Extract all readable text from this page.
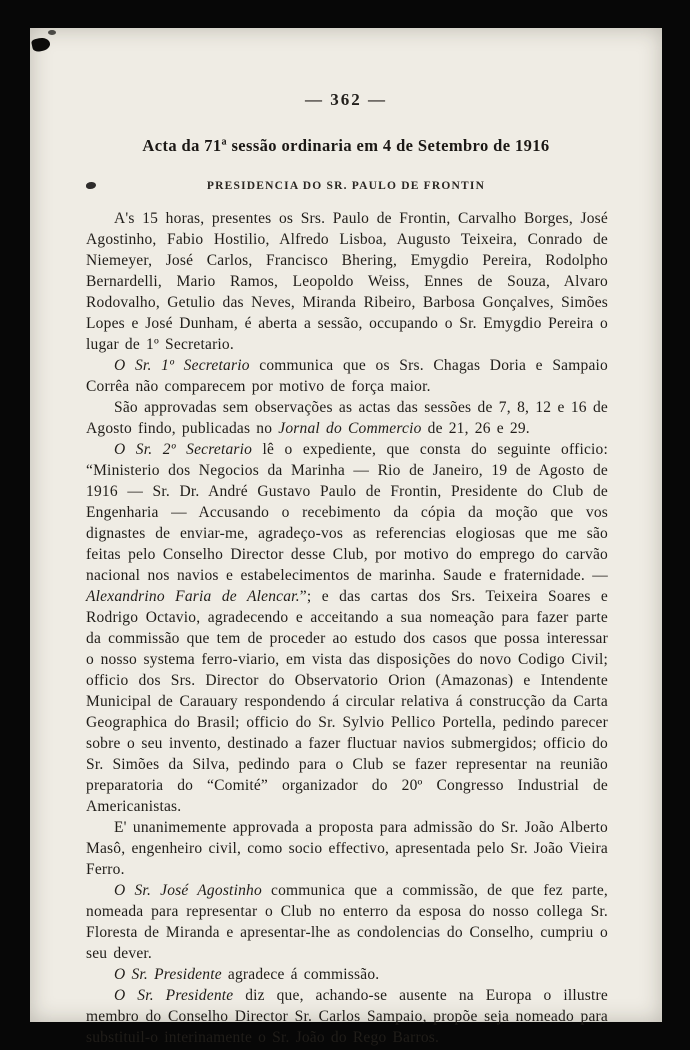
— 362 —
Acta da 71ª sessão ordinaria em 4 de Setembro de 1916
PRESIDENCIA DO SR. PAULO DE FRONTIN

A's 15 horas, presentes os Srs. Paulo de Frontin, Carvalho Borges, José Agostinho, Fabio Hostilio, Alfredo Lisboa, Augusto Teixeira, Conrado de Niemeyer, José Carlos, Francisco Bhering, Emygdio Pereira, Rodolpho Bernardelli, Mario Ramos, Leopoldo Weiss, Ennes de Souza, Alvaro Rodovalho, Getulio das Neves, Miranda Ribeiro, Barbosa Gonçalves, Simões Lopes e José Dunham, é aberta a sessão, occupando o Sr. Emygdio Pereira o lugar de 1º Secretario.

O Sr. 1º Secretario communica que os Srs. Chagas Doria e Sampaio Corrêa não comparecem por motivo de força maior.

São approvadas sem observações as actas das sessões de 7, 8, 12 e 16 de Agosto findo, publicadas no Jornal do Commercio de 21, 26 e 29.

O Sr. 2º Secretario lê o expediente, que consta do seguinte officio: “Ministerio dos Negocios da Marinha — Rio de Janeiro, 19 de Agosto de 1916 — Sr. Dr. André Gustavo Paulo de Frontin, Presidente do Club de Engenharia — Accusando o recebimento da cópia da moção que vos dignastes de enviar-me, agradeço-vos as referencias elogiosas que me são feitas pelo Conselho Director desse Club, por motivo do emprego do carvão nacional nos navios e estabelecimentos de marinha. Saude e fraternidade. — Alexandrino Faria de Alencar.”; e das cartas dos Srs. Teixeira Soares e Rodrigo Octavio, agradecendo e acceitando a sua nomeação para fazer parte da commissão que tem de proceder ao estudo dos casos que possa interessar o nosso systema ferro-viario, em vista das disposições do novo Codigo Civil; officio dos Srs. Director do Observatorio Orion (Amazonas) e Intendente Municipal de Carauary respondendo á circular relativa á construcção da Carta Geographica do Brasil; officio do Sr. Sylvio Pellico Portella, pedindo parecer sobre o seu invento, destinado a fazer fluctuar navios submergidos; officio do Sr. Simões da Silva, pedindo para o Club se fazer representar na reunião preparatoria do “Comité” organizador do 20º Congresso Industrial de Americanistas.

E' unanimemente approvada a proposta para admissão do Sr. João Alberto Masô, engenheiro civil, como socio effectivo, apresentada pelo Sr. João Vieira Ferro.

O Sr. José Agostinho communica que a commissão, de que fez parte, nomeada para representar o Club no enterro da esposa do nosso collega Sr. Floresta de Miranda e apresentar-lhe as condolencias do Conselho, cumpriu o seu dever.

O Sr. Presidente agradece á commissão.

O Sr. Presidente diz que, achando-se ausente na Europa o illustre membro do Conselho Director Sr. Carlos Sampaio, propõe seja nomeado para substituil-o interinamente o Sr. João do Rego Barros.
